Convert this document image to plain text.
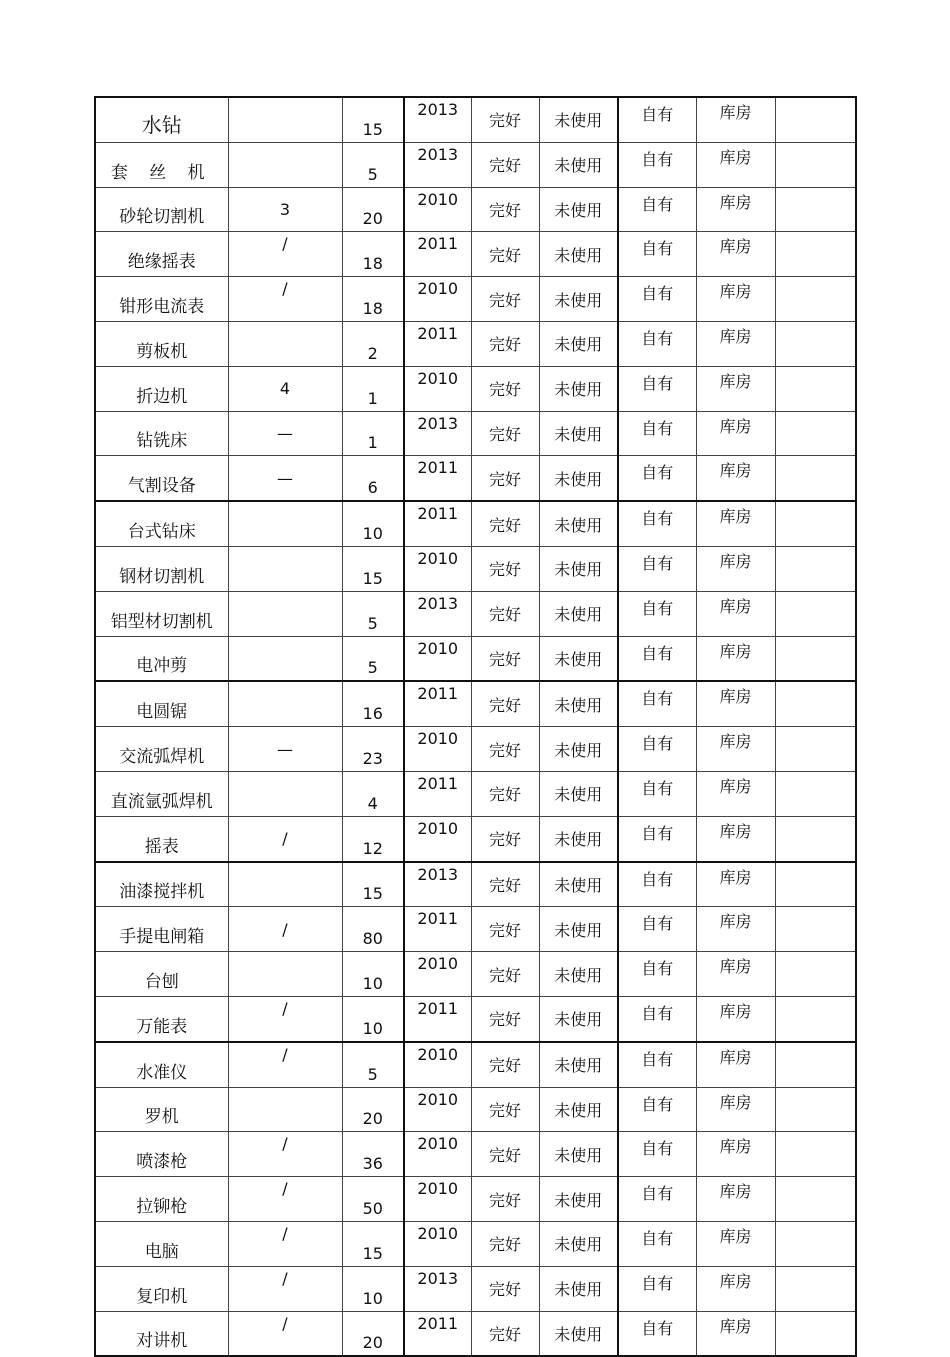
水钻		15	2013	完好	未使用	自有	库房	
套 丝 机		5	2013	完好	未使用	自有	库房	
砂轮切割机	3	20	2010	完好	未使用	自有	库房	
绝缘摇表	/	18	2011	完好	未使用	自有	库房	
钳形电流表	/	18	2010	完好	未使用	自有	库房	
剪板机		2	2011	完好	未使用	自有	库房	
折边机	4	1	2010	完好	未使用	自有	库房	
钻铣床	—	1	2013	完好	未使用	自有	库房	
气割设备	—	6	2011	完好	未使用	自有	库房	
台式钻床		10	2011	完好	未使用	自有	库房	
钢材切割机		15	2010	完好	未使用	自有	库房	
铝型材切割机		5	2013	完好	未使用	自有	库房	
电冲剪		5	2010	完好	未使用	自有	库房	
电圆锯		16	2011	完好	未使用	自有	库房	
交流弧焊机	—	23	2010	完好	未使用	自有	库房	
直流氩弧焊机		4	2011	完好	未使用	自有	库房	
摇表	/	12	2010	完好	未使用	自有	库房	
油漆搅拌机		15	2013	完好	未使用	自有	库房	
手提电闸箱	/	80	2011	完好	未使用	自有	库房	
台刨		10	2010	完好	未使用	自有	库房	
万能表	/	10	2011	完好	未使用	自有	库房	
水准仪	/	5	2010	完好	未使用	自有	库房	
罗机		20	2010	完好	未使用	自有	库房	
喷漆枪	/	36	2010	完好	未使用	自有	库房	
拉铆枪	/	50	2010	完好	未使用	自有	库房	
电脑	/	15	2010	完好	未使用	自有	库房	
复印机	/	10	2013	完好	未使用	自有	库房	
对讲机	/	20	2011	完好	未使用	自有	库房	
